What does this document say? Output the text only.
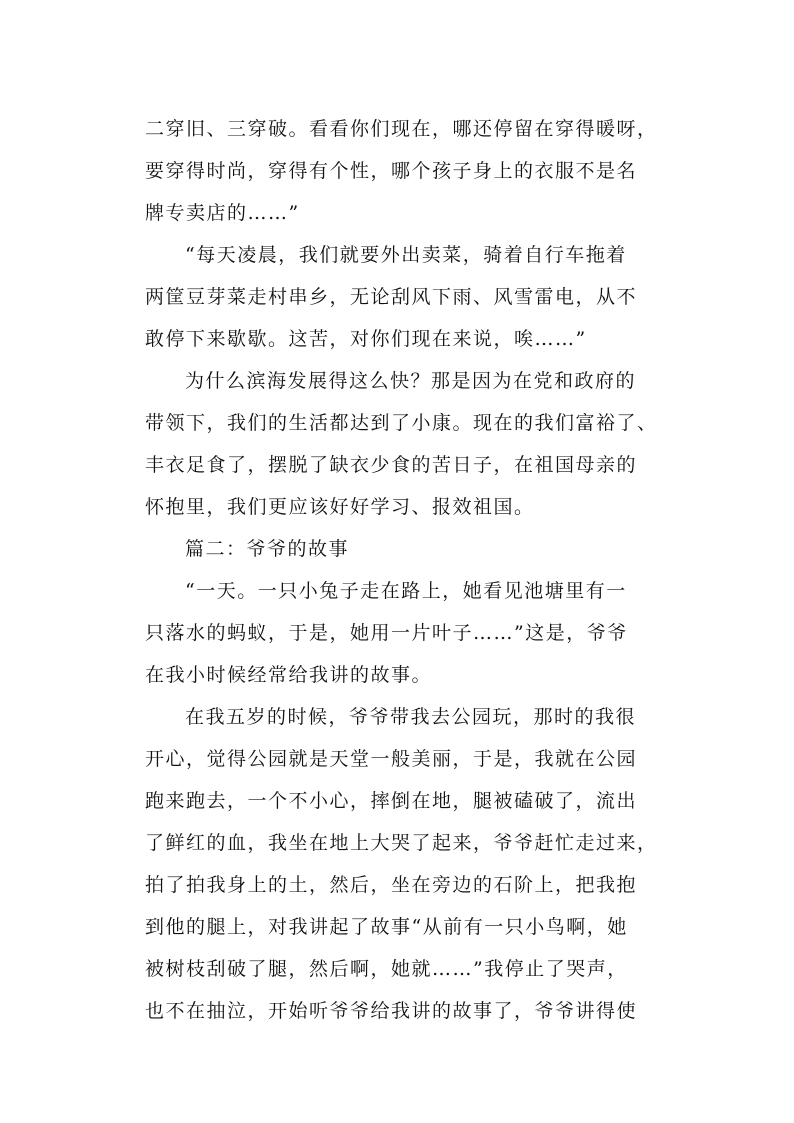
二穿旧、三穿破。看看你们现在，哪还停留在穿得暖呀，
要穿得时尚，穿得有个性，哪个孩子身上的衣服不是名
牌专卖店的……”
“每天凌晨，我们就要外出卖菜，骑着自行车拖着
两筐豆芽菜走村串乡，无论刮风下雨、风雪雷电，从不
敢停下来歇歇。这苦，对你们现在来说，唉……”
为什么滨海发展得这么快？那是因为在党和政府的
带领下，我们的生活都达到了小康。现在的我们富裕了、
丰衣足食了，摆脱了缺衣少食的苦日子，在祖国母亲的
怀抱里，我们更应该好好学习、报效祖国。
篇二：爷爷的故事
“一天。一只小兔子走在路上，她看见池塘里有一
只落水的蚂蚁，于是，她用一片叶子……”这是，爷爷
在我小时候经常给我讲的故事。
在我五岁的时候，爷爷带我去公园玩，那时的我很
开心，觉得公园就是天堂一般美丽，于是，我就在公园
跑来跑去，一个不小心，摔倒在地，腿被磕破了，流出
了鲜红的血，我坐在地上大哭了起来，爷爷赶忙走过来，
拍了拍我身上的土，然后，坐在旁边的石阶上，把我抱
到他的腿上，对我讲起了故事“从前有一只小鸟啊，她
被树枝刮破了腿，然后啊，她就……”我停止了哭声，
也不在抽泣，开始听爷爷给我讲的故事了，爷爷讲得使
